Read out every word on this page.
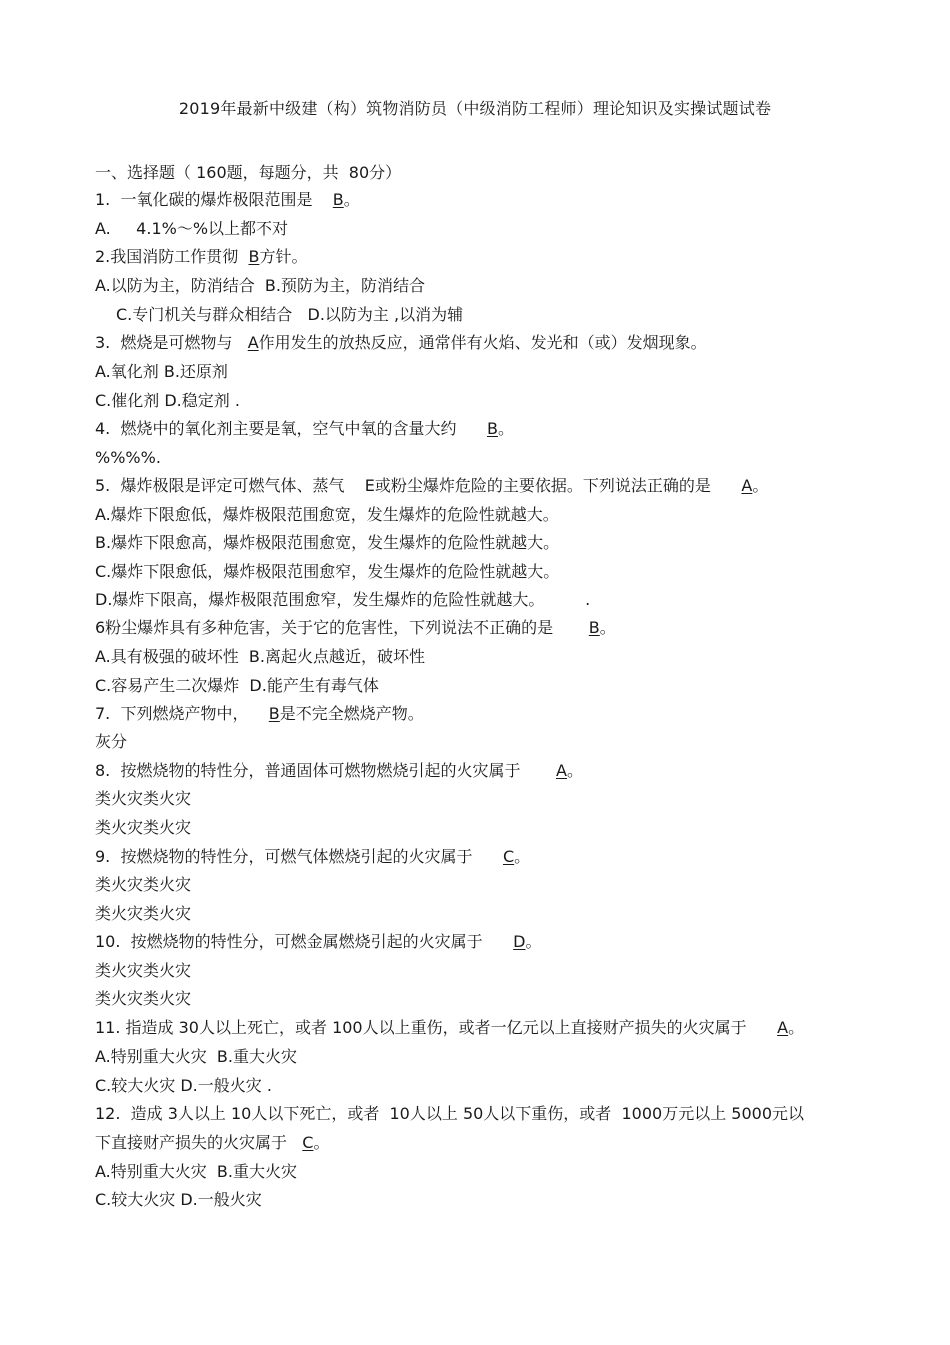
2019年最新中级建（构）筑物消防员（中级消防工程师）理论知识及实操试题试卷
一、选择题（ 160题，每题分，共  80分）
1.  一氧化碳的爆炸极限范围是    B。
A.     4.1%～%以上都不对
2.我国消防工作贯彻  B方针。
A.以防为主，防消结合  B.预防为主，防消结合
C.专门机关与群众相结合   D.以防为主 ,以消为辅
3.  燃烧是可燃物与   A作用发生的放热反应，通常伴有火焰、发光和（或）发烟现象。
A.氧化剂 B.还原剂
C.催化剂 D.稳定剂 .
4.  燃烧中的氧化剂主要是氧，空气中氧的含量大约      B。
%%%%.
5.  爆炸极限是评定可燃气体、蒸气    E或粉尘爆炸危险的主要依据。下列说法正确的是      A。
A.爆炸下限愈低，爆炸极限范围愈宽，发生爆炸的危险性就越大。
B.爆炸下限愈高，爆炸极限范围愈宽，发生爆炸的危险性就越大。
C.爆炸下限愈低，爆炸极限范围愈窄，发生爆炸的危险性就越大。
D.爆炸下限高，爆炸极限范围愈窄，发生爆炸的危险性就越大。        .
6粉尘爆炸具有多种危害，关于它的危害性，下列说法不正确的是       B。
A.具有极强的破坏性  B.离起火点越近，破坏性
C.容易产生二次爆炸  D.能产生有毒气体
7.  下列燃烧产物中，    B是不完全燃烧产物。
灰分
8.  按燃烧物的特性分，普通固体可燃物燃烧引起的火灾属于       A。
类火灾类火灾
类火灾类火灾
9.  按燃烧物的特性分，可燃气体燃烧引起的火灾属于      C。
类火灾类火灾
类火灾类火灾
10.  按燃烧物的特性分，可燃金属燃烧引起的火灾属于      D。
类火灾类火灾
类火灾类火灾
11. 指造成 30人以上死亡，或者 100人以上重伤，或者一亿元以上直接财产损失的火灾属于      A。
A.特别重大火灾  B.重大火灾
C.较大火灾 D.一般火灾 .
12.  造成 3人以上 10人以下死亡，或者  10人以上 50人以下重伤，或者  1000万元以上 5000元以
下直接财产损失的火灾属于   C。
A.特别重大火灾  B.重大火灾
C.较大火灾 D.一般火灾
